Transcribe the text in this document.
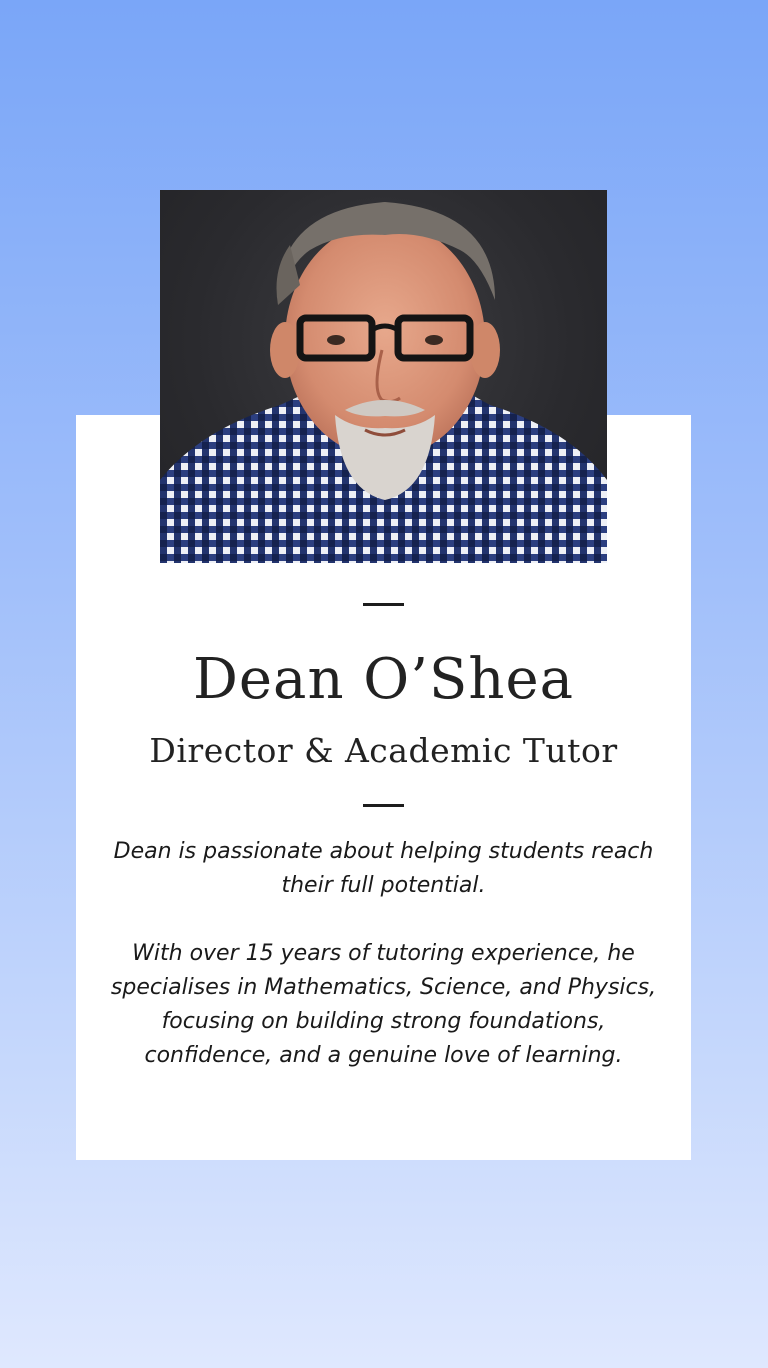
Dean O’Shea
Director & Academic Tutor

Dean is passionate about helping students reach their full potential.

With over 15 years of tutoring experience, he specialises in Mathematics, Science, and Physics, focusing on building strong foundations, confidence, and a genuine love of learning.
